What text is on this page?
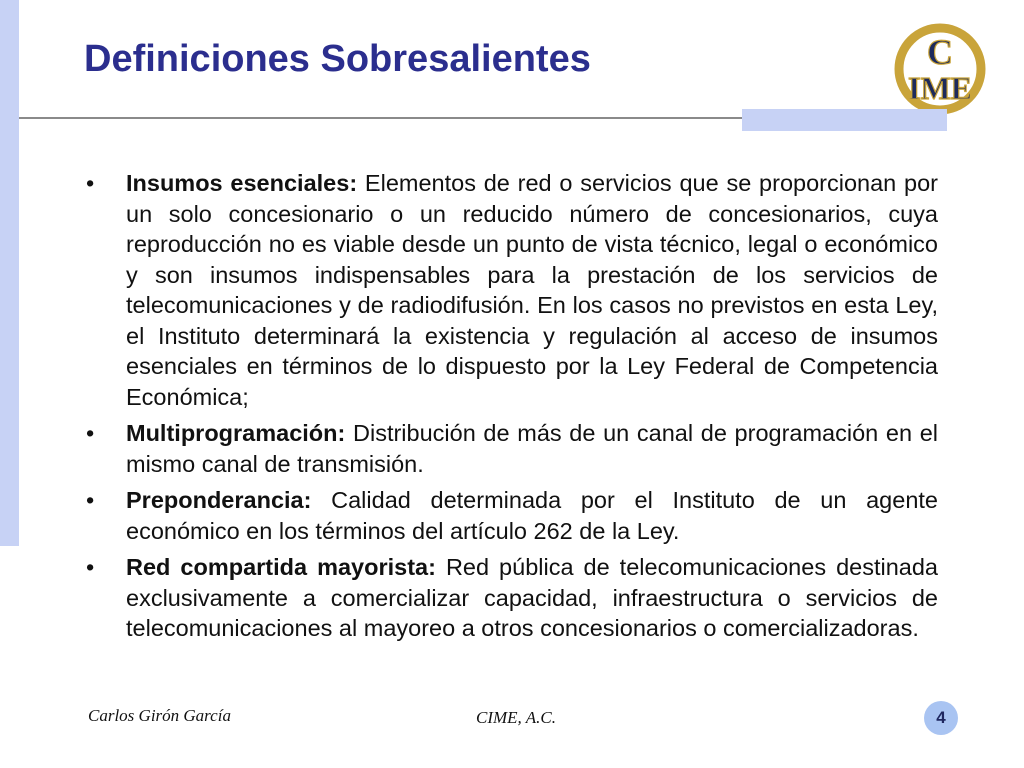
Definiciones Sobresalientes	C
IME
•	Insumos esenciales: Elementos de red o servicios que se proporcionan por un solo concesionario o un reducido número de concesionarios, cuya reproducción no es viable desde un punto de vista técnico, legal o económico y son insumos indispensables para la prestación de los servicios de telecomunicaciones y de radiodifusión. En los casos no previstos en esta Ley, el Instituto determinará la existencia y regulación al acceso de insumos esenciales en términos de lo dispuesto por la Ley Federal de Competencia Económica;
•	Multiprogramación: Distribución de más de un canal de programación en el mismo canal de transmisión.
•	Preponderancia: Calidad determinada por el Instituto de un agente económico en los términos del artículo 262 de la Ley.
•	Red compartida mayorista: Red pública de telecomunicaciones destinada exclusivamente a comercializar capacidad, infraestructura o servicios de telecomunicaciones al mayoreo a otros concesionarios o comercializadoras.
Carlos Girón García	CIME, A.C.	4
